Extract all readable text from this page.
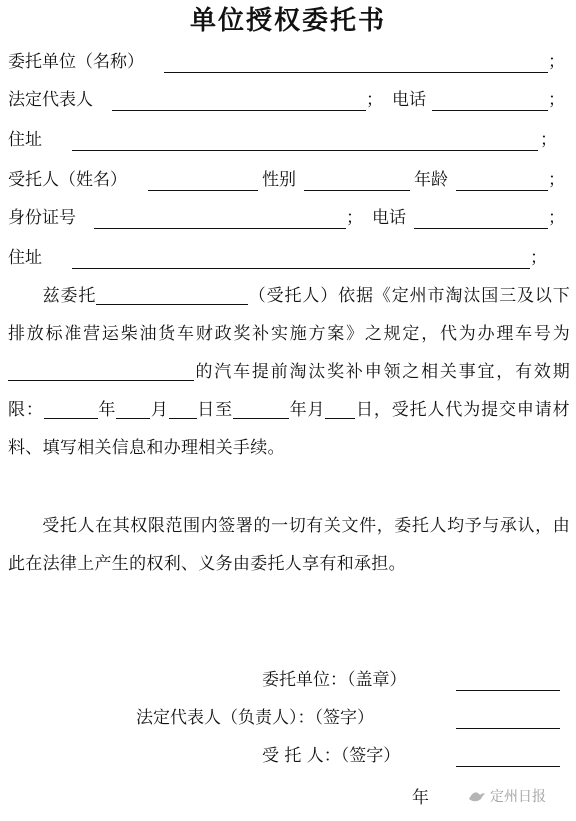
单位授权委托书
委托单位（名称）	；
法定代表人	； 电话	；
住址	；
受托人（姓名）	性别	年龄	；
身份证号	； 电话	；
住址	；
兹委托	（受托人）依据《定州市淘汰国三及以下排放标准营运柴油货车财政奖补实施方案》之规定，代为办理车号为的汽车提前淘汰奖补申领之相关事宜，有效期限：	年 月 日至	年月 日，受托人代为提交申请材料、填写相关信息和办理相关手续。
受托人在其权限范围内签署的一切有关文件，委托人均予与承认，由此在法律上产生的权利、义务由委托人享有和承担。
委托单位：（盖章）
法定代表人（负责人）：（签字）
受 托 人：（签字）
年	定州日报
